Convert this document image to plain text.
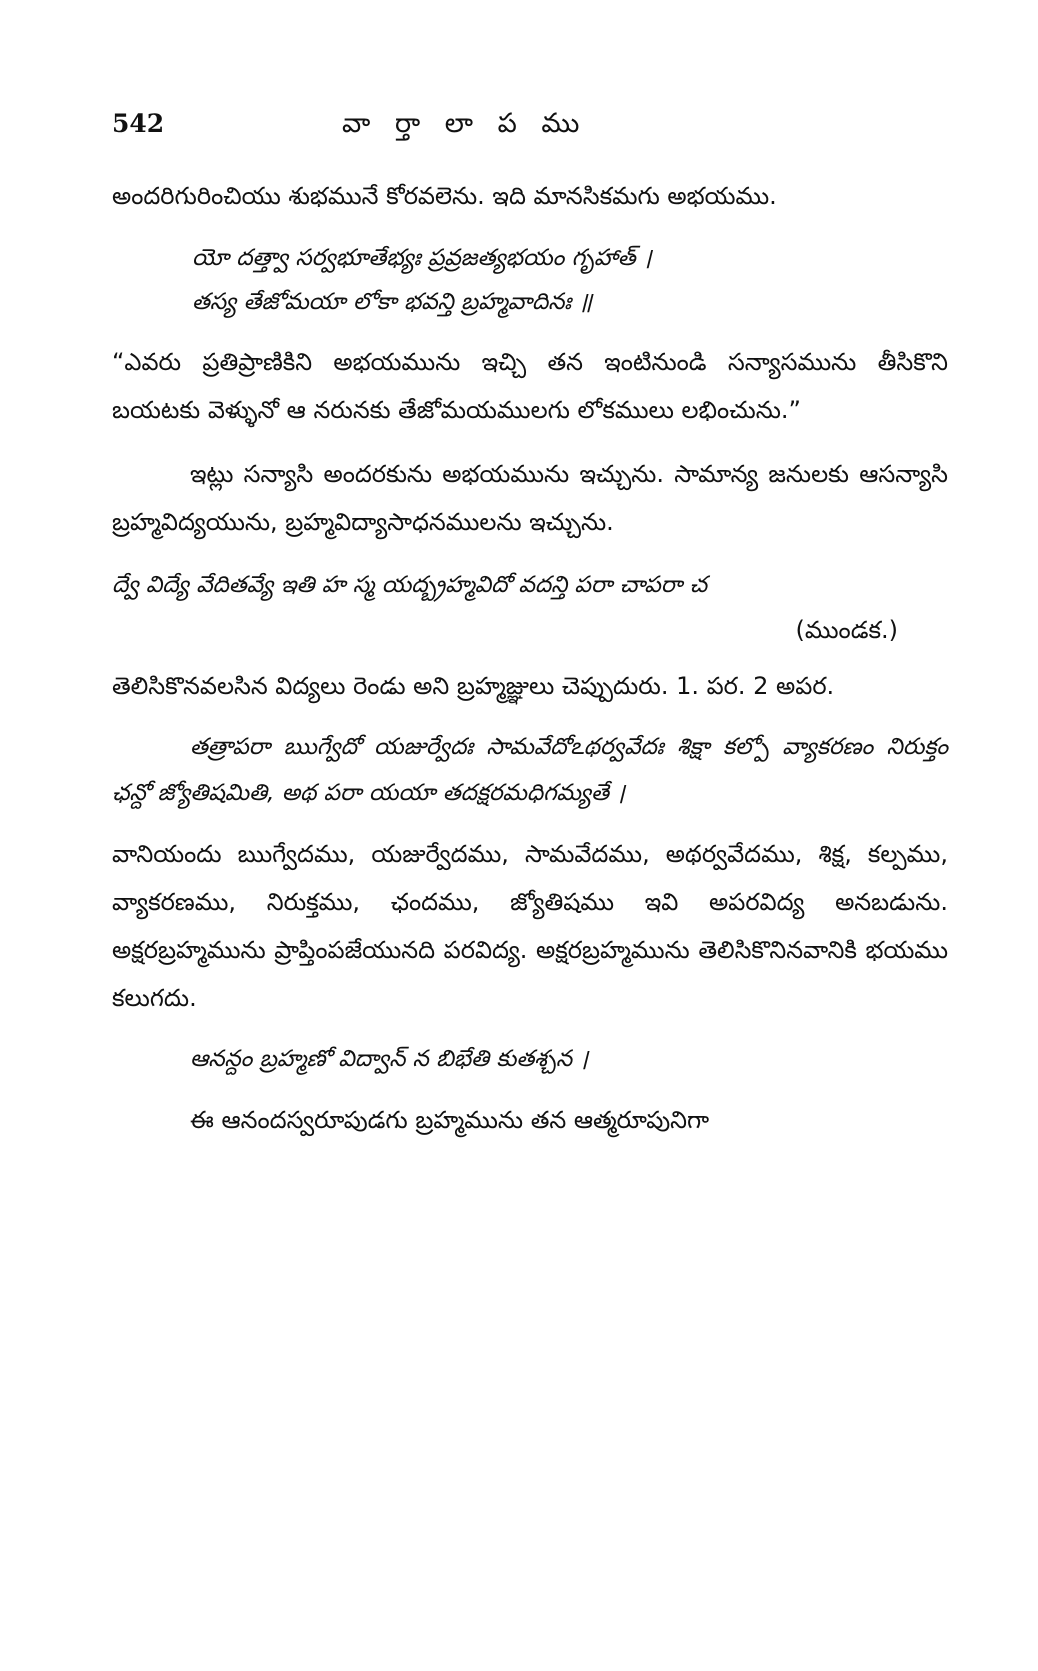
542	వా ర్తా లా ప ము

అందరిగురించియు శుభమునే కోరవలెను. ఇది మానసికమగు అభయము.

యో దత్త్వా సర్వభూతేభ్యః ప్రవ్రజత్యభయం గృహాత్ ।
తస్య తేజోమయా లోకా భవన్తి బ్రహ్మవాదినః ॥

“ఎవరు ప్రతిప్రాణికిని అభయమును ఇచ్చి తన ఇంటినుండి సన్యాసమును తీసికొని బయటకు వెళ్ళునో ఆ నరునకు తేజోమయములగు లోకములు లభించును.”

ఇట్లు సన్యాసి అందరకును అభయమును ఇచ్చును. సామాన్య జనులకు ఆసన్యాసి బ్రహ్మవిద్యయును, బ్రహ్మవిద్యాసాధనములను ఇచ్చును.

ద్వే విద్యే వేదితవ్యే ఇతి హ స్మ యద్బ్రహ్మవిదో వదన్తి పరా చాపరా చ

(ముండక.)

తెలిసికొనవలసిన విద్యలు రెండు అని బ్రహ్మజ్ఞులు చెప్పుదురు. 1. పర. 2 అపర.

తత్రాపరా ఋగ్వేదో యజుర్వేదః సామవేదోఽథర్వవేదః శిక్షా కల్పో వ్యాకరణం నిరుక్తం ఛన్దో జ్యోతిషమితి, అథ పరా యయా తదక్షరమధిగమ్యతే ।

వానియందు ఋగ్వేదము, యజుర్వేదము, సామవేదము, అథర్వవేదము, శిక్ష, కల్పము, వ్యాకరణము, నిరుక్తము, ఛందము, జ్యోతిషము ఇవి అపరవిద్య అనబడును. అక్షరబ్రహ్మమును ప్రాప్తింపజేయునది పరవిద్య. అక్షరబ్రహ్మమును తెలిసికొనినవానికి భయము కలుగదు.

ఆనన్దం బ్రహ్మణో విద్వాన్ న బిభేతి కుతశ్చన ।

ఈ ఆనందస్వరూపుడగు బ్రహ్మమును తన ఆత్మరూపునిగా
